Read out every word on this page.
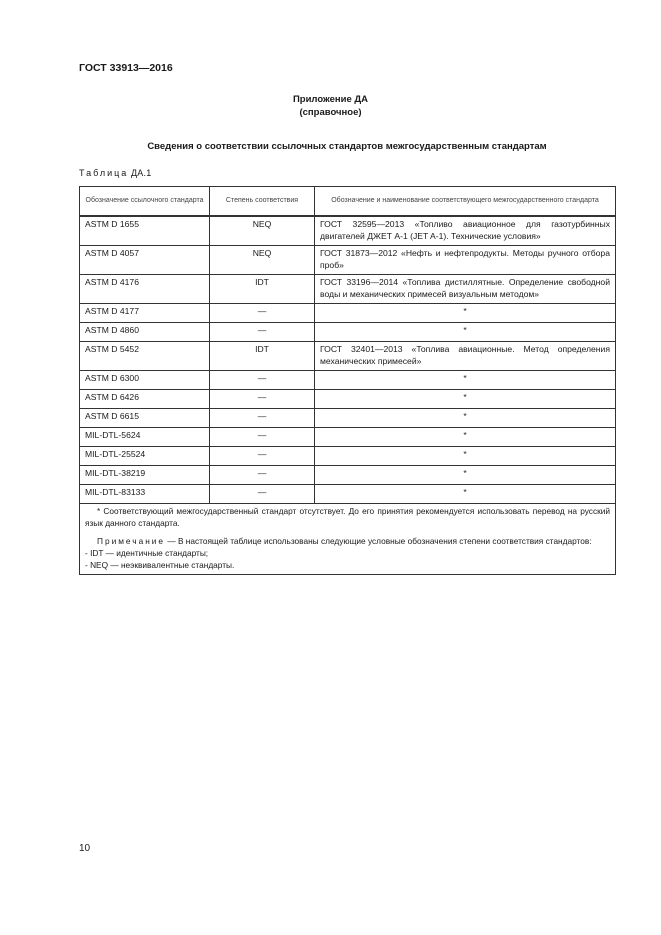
ГОСТ 33913—2016
Приложение ДА
(справочное)
Сведения о соответствии ссылочных стандартов межгосударственным стандартам
Таблица ДА.1
Обозначение ссылочного стандарта	Степень соответствия	Обозначение и наименование соответствующего межгосударственного стандарта
ASTM D 1655	NEQ	ГОСТ 32595—2013 «Топливо авиационное для газотурбинных двигателей ДЖЕТ А-1 (JET A-1). Технические условия»
ASTM D 4057	NEQ	ГОСТ 31873—2012 «Нефть и нефтепродукты. Методы ручного отбора проб»
ASTM D 4176	IDT	ГОСТ 33196—2014 «Топлива дистиллятные. Определение свободной воды и механических примесей визуальным методом»
ASTM D 4177	—	*
ASTM D 4860	—	*
ASTM D 5452	IDT	ГОСТ 32401—2013 «Топлива авиационные. Метод определения механических примесей»
ASTM D 6300	—	*
ASTM D 6426	—	*
ASTM D 6615	—	*
MIL-DTL-5624	—	*
MIL-DTL-25524	—	*
MIL-DTL-38219	—	*
MIL-DTL-83133	—	*

* Соответствующий межгосударственный стандарт отсутствует. До его принятия рекомендуется использовать перевод на русский язык данного стандарта.

Примечание — В настоящей таблице использованы следующие условные обозначения степени соответствия стандартов:

- IDT — идентичные стандарты;

- NEQ — неэквивалентные стандарты.		

10
